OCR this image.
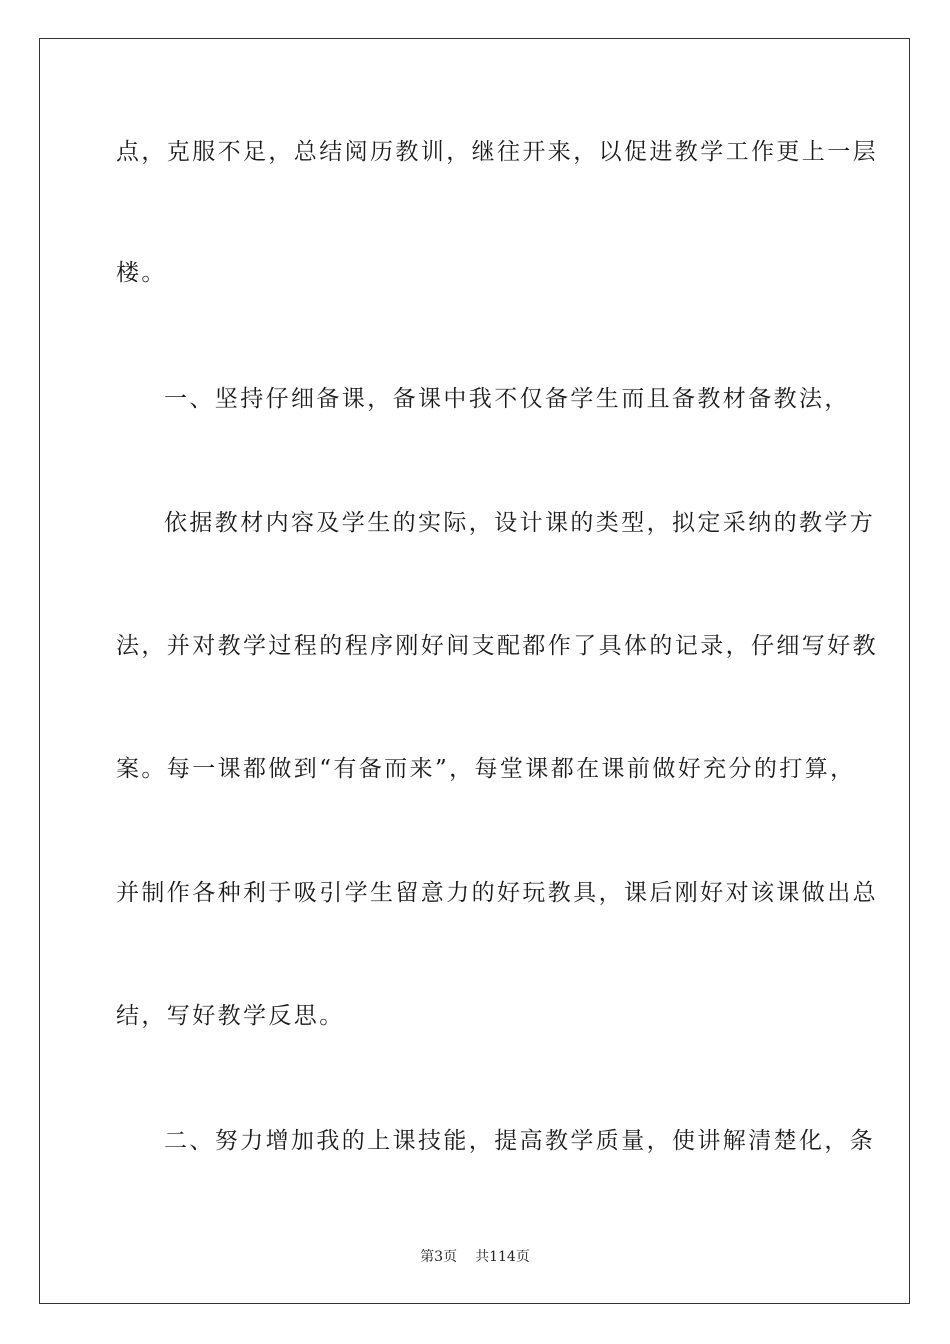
点，克服不足，总结阅历教训，继往开来，以促进教学工作更上一层
楼。
一、坚持仔细备课，备课中我不仅备学生而且备教材备教法，
依据教材内容及学生的实际，设计课的类型，拟定采纳的教学方
法，并对教学过程的程序刚好间支配都作了具体的记录，仔细写好教
案。每一课都做到“有备而来”，每堂课都在课前做好充分的打算，
并制作各种利于吸引学生留意力的好玩教具，课后刚好对该课做出总
结，写好教学反思。
二、努力增加我的上课技能，提高教学质量，使讲解清楚化，条
第3页 共114页
